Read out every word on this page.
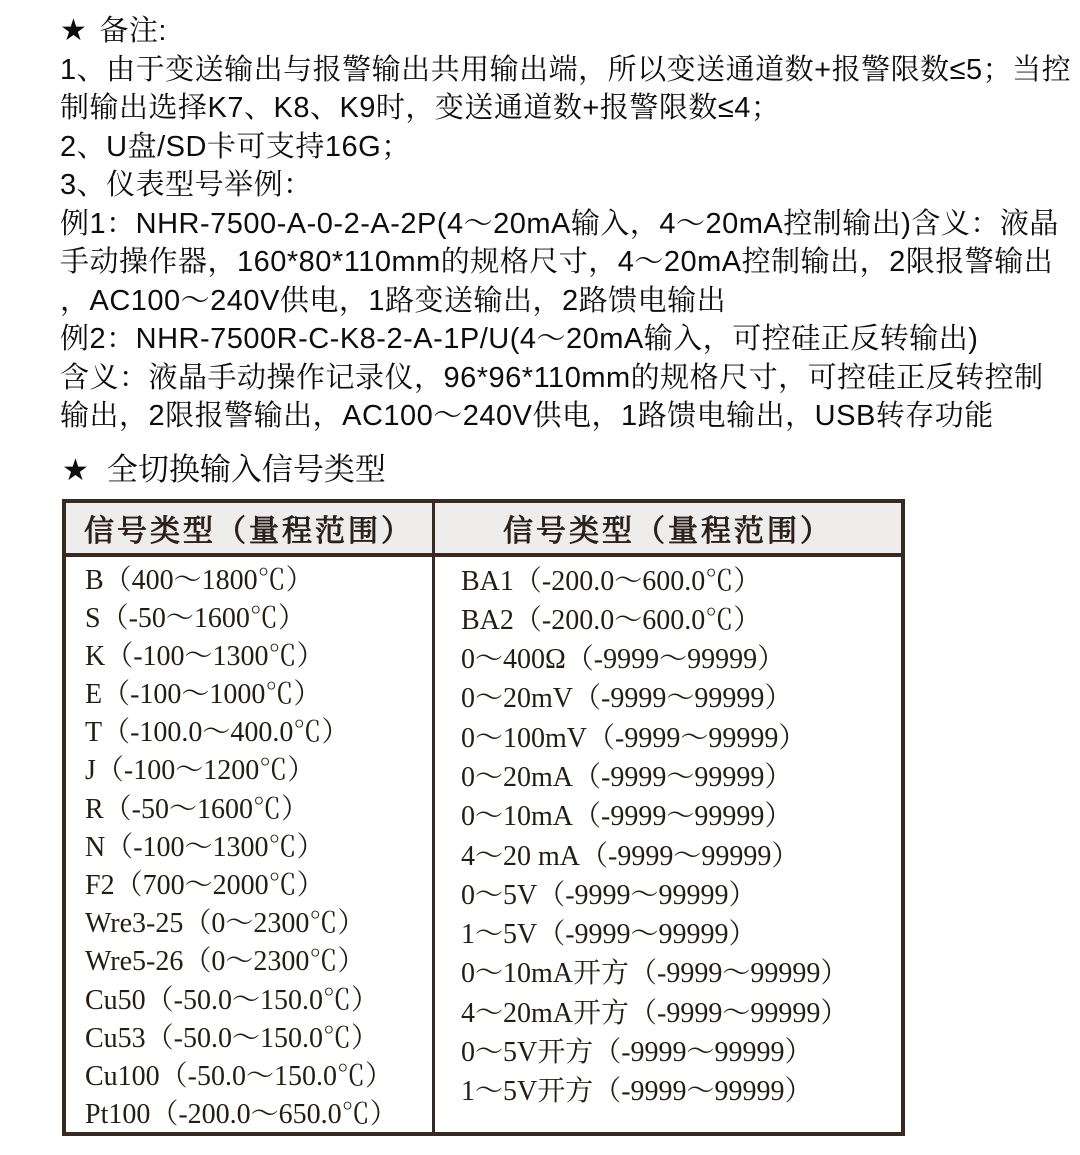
★ 备注:
1、由于变送输出与报警输出共用输出端，所以变送通道数+报警限数≤5；当控
制输出选择K7、K8、K9时，变送通道数+报警限数≤4；
2、U盘/SD卡可支持16G；
3、仪表型号举例：
例1：NHR-7500-A-0-2-A-2P(4～20mA输入，4～20mA控制输出)含义：液晶
手动操作器，160*80*110mm的规格尺寸，4～20mA控制输出，2限报警输出
，AC100～240V供电，1路变送输出，2路馈电输出
例2：NHR-7500R-C-K8-2-A-1P/U(4～20mA输入，可控硅正反转输出)
含义：液晶手动操作记录仪，96*96*110mm的规格尺寸，可控硅正反转控制
输出，2限报警输出，AC100～240V供电，1路馈电输出，USB转存功能
★ 全切换输入信号类型
信号类型（量程范围）	信号类型（量程范围）
B（400～1800℃）
S（-50～1600℃）
K（-100～1300℃）
E（-100～1000℃）
T（-100.0～400.0℃）
J（-100～1200℃）
R（-50～1600℃）
N（-100～1300℃）
F2（700～2000℃）
Wre3-25（0～2300℃）
Wre5-26（0～2300℃）
Cu50（-50.0～150.0℃）
Cu53（-50.0～150.0℃）
Cu100（-50.0～150.0℃）
Pt100（-200.0～650.0℃）
BA1（-200.0～600.0℃）
BA2（-200.0～600.0℃）
0～400Ω（-9999～99999）
0～20mV（-9999～99999）
0～100mV（-9999～99999）
0～20mA（-9999～99999）
0～10mA（-9999～99999）
4～20 mA（-9999～99999）
0～5V（-9999～99999）
1～5V（-9999～99999）
0～10mA开方（-9999～99999）
4～20mA开方（-9999～99999）
0～5V开方（-9999～99999）
1～5V开方（-9999～99999）
